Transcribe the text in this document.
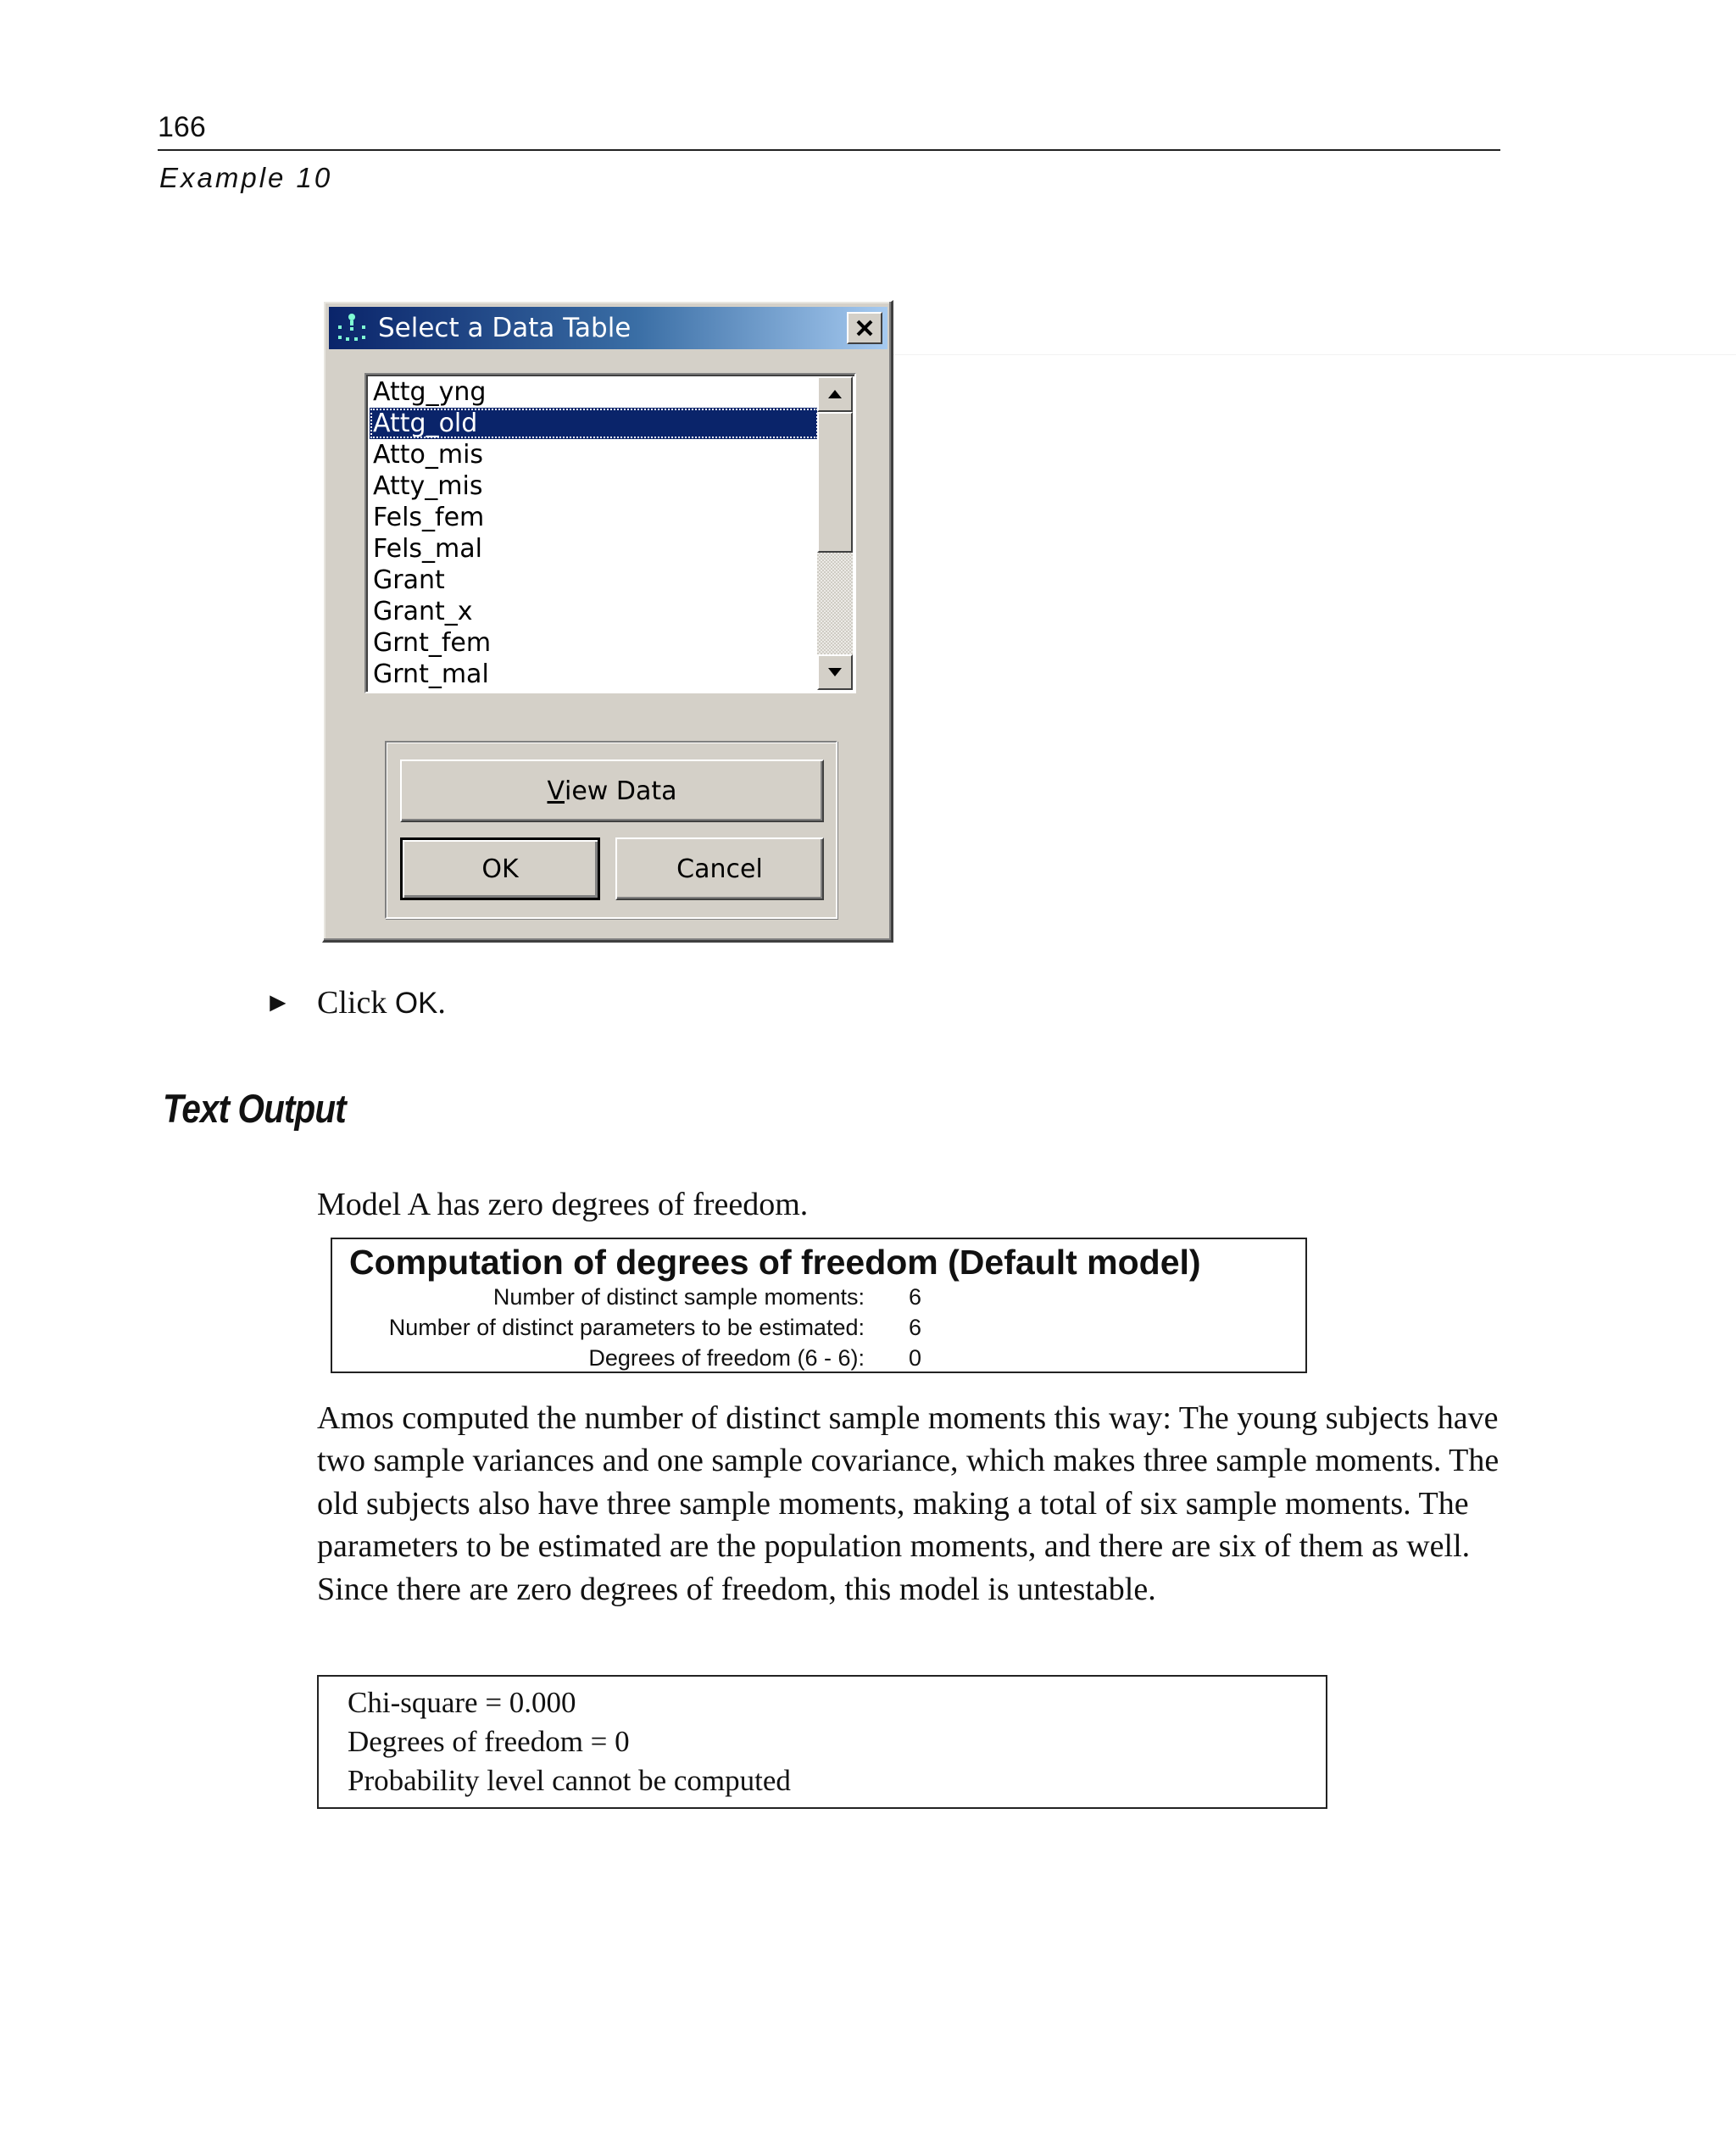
166
Example 10
Select a Data Table
Attg_yng
Attg_old
Atto_mis
Atty_mis
Fels_fem
Fels_mal
Grant
Grant_x
Grnt_fem
Grnt_mal
V iew Data
OK	Cancel
► Click OK.
Text Output
Model A has zero degrees of freedom.
Computation of degrees of freedom (Default model)
Number of distinct sample moments: 6
Number of distinct parameters to be estimated: 6
Degrees of freedom (6 - 6): 0
Amos computed the number of distinct sample moments this way: The young subjects have two sample variances and one sample covariance, which makes three sample moments. The old subjects also have three sample moments, making a total of six sample moments. The parameters to be estimated are the population moments, and there are six of them as well. Since there are zero degrees of freedom, this model is untestable.
Chi-square = 0.000
Degrees of freedom = 0
Probability level cannot be computed
